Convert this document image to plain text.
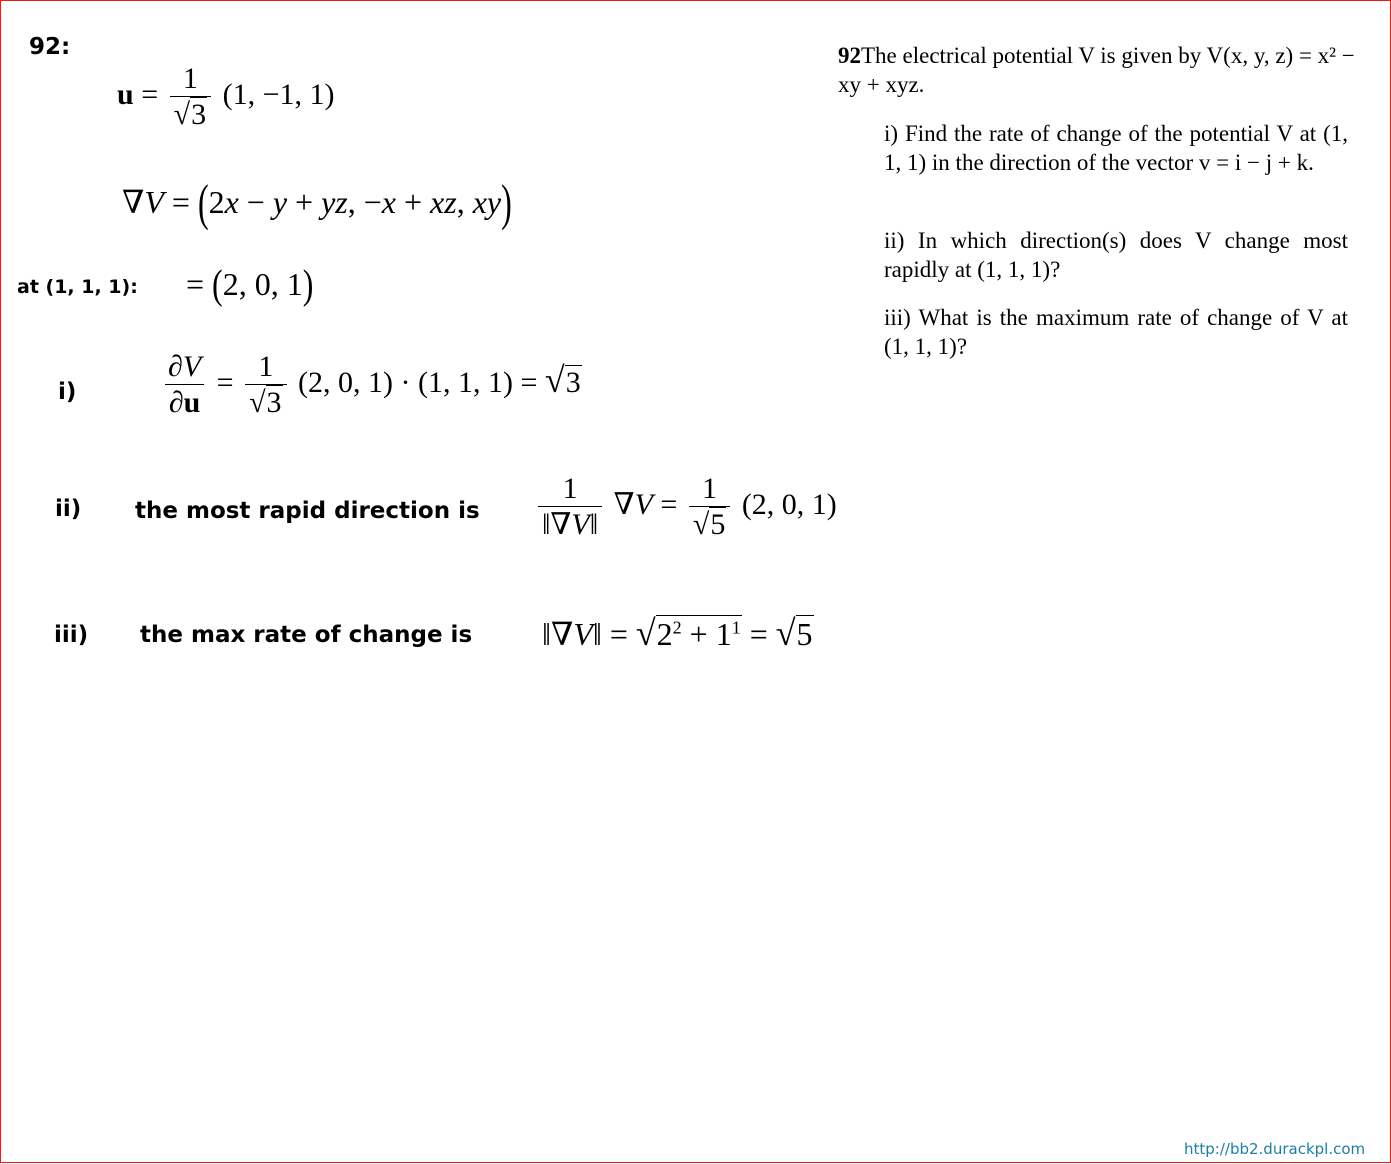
92:
$u = \frac{1}{√3} (1$, −1, 1)
∇V = (2x − y + yz, −x + xz, xy)
at (1, 1, 1): = (2, 0, 1)
i)	$\frac{\partial V}{\partial u} = \frac{1}{√3} (2$, 0, 1) · (1, 1, 1) = √3
ii) the most rapid direction is $\frac{1}{‖\nabla V‖} \nabla V = \frac{1}{√5} (2$, 0, 1)
iii) the max rate of change is ‖∇V‖ = $√2^2 + 1^1 = √5$
92The electrical potential V is given by V(x, y, z) = x² − xy + xyz.
i) Find the rate of change of the potential V at (1, 1, 1) in the direction of the vector v = i − j + k.
ii) In which direction(s) does V change most rapidly at (1, 1, 1)?
iii) What is the maximum rate of change of V at (1, 1, 1)?
http://bb2.durackpl.com
